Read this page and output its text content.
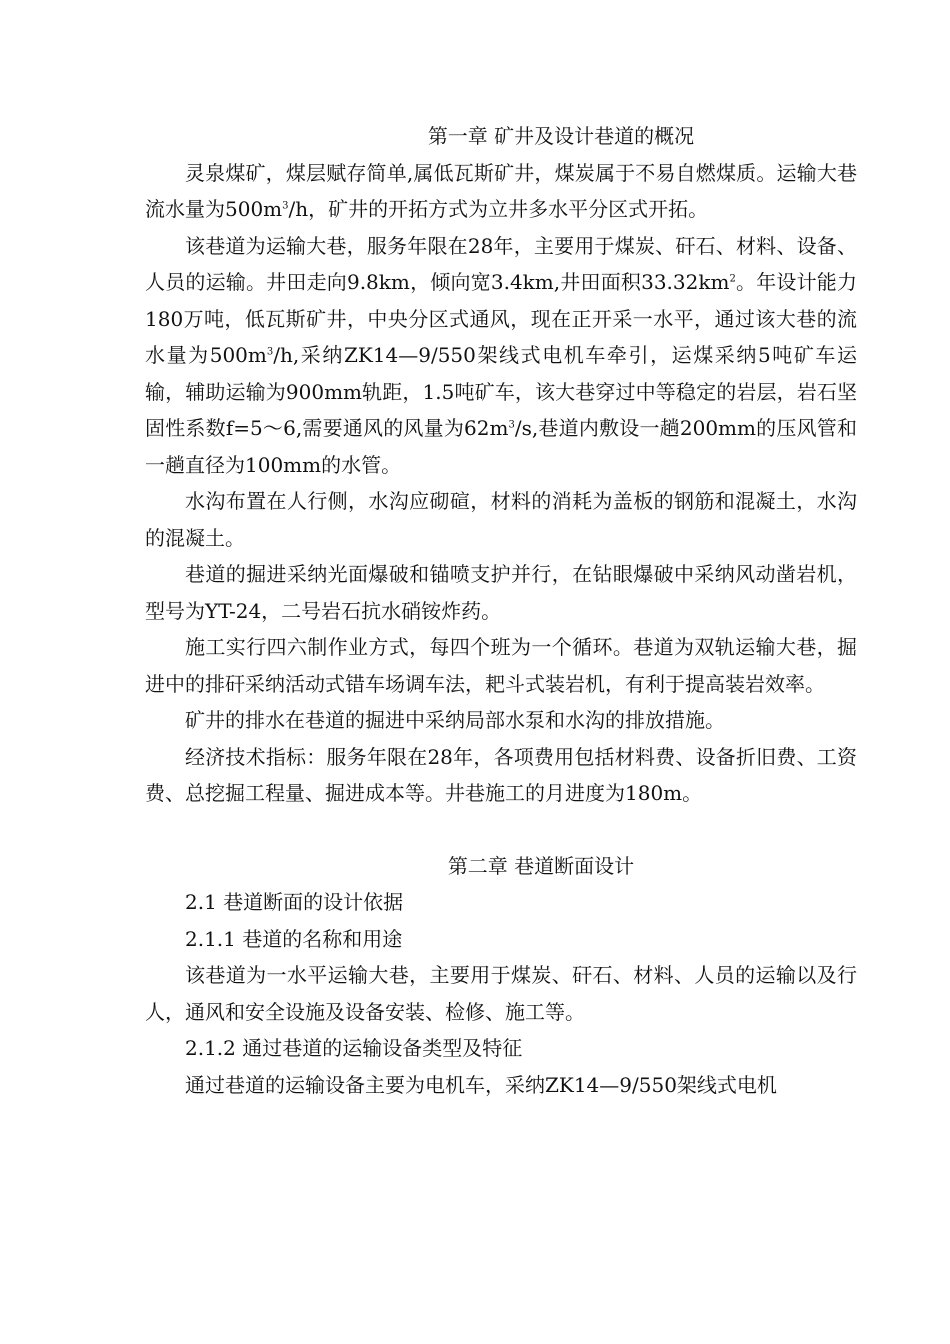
第一章 矿井及设计巷道的概况

灵泉煤矿，煤层赋存简单,属低瓦斯矿井，煤炭属于不易自燃煤质。运输大巷流水量为$500m^3/h$，矿井的开拓方式为立井多水平分区式开拓。

该巷道为运输大巷，服务年限在28年，主要用于煤炭、矸石、材料、设备、人员的运输。井田走向9.8km，倾向宽3.4km,井田面积$33.32km^2$。年设计能力180万吨，低瓦斯矿井，中央分区式通风，现在正开采一水平，通过该大巷的流水量为$500m^3/h$,采纳ZK14—9/550架线式电机车牵引，运煤采纳5吨矿车运输，辅助运输为900mm轨距，1.5吨矿车，该大巷穿过中等稳定的岩层，岩石坚固性系数f=5～6,需要通风的风量为$62m^3/s$,巷道内敷设一趟200mm的压风管和一趟直径为100mm的水管。

水沟布置在人行侧，水沟应砌碹，材料的消耗为盖板的钢筋和混凝土，水沟的混凝土。

巷道的掘进采纳光面爆破和锚喷支护并行，在钻眼爆破中采纳风动凿岩机，型号为YT-24，二号岩石抗水硝铵炸药。

施工实行四六制作业方式，每四个班为一个循环。巷道为双轨运输大巷，掘进中的排矸采纳活动式错车场调车法，耙斗式装岩机，有利于提高装岩效率。

矿井的排水在巷道的掘进中采纳局部水泵和水沟的排放措施。

经济技术指标：服务年限在28年，各项费用包括材料费、设备折旧费、工资费、总挖掘工程量、掘进成本等。井巷施工的月进度为180m。

第二章 巷道断面设计

2.1 巷道断面的设计依据

2.1.1 巷道的名称和用途

该巷道为一水平运输大巷，主要用于煤炭、矸石、材料、人员的运输以及行人，通风和安全设施及设备安装、检修、施工等。

2.1.2 通过巷道的运输设备类型及特征

通过巷道的运输设备主要为电机车，采纳ZK14—9/550架线式电机
